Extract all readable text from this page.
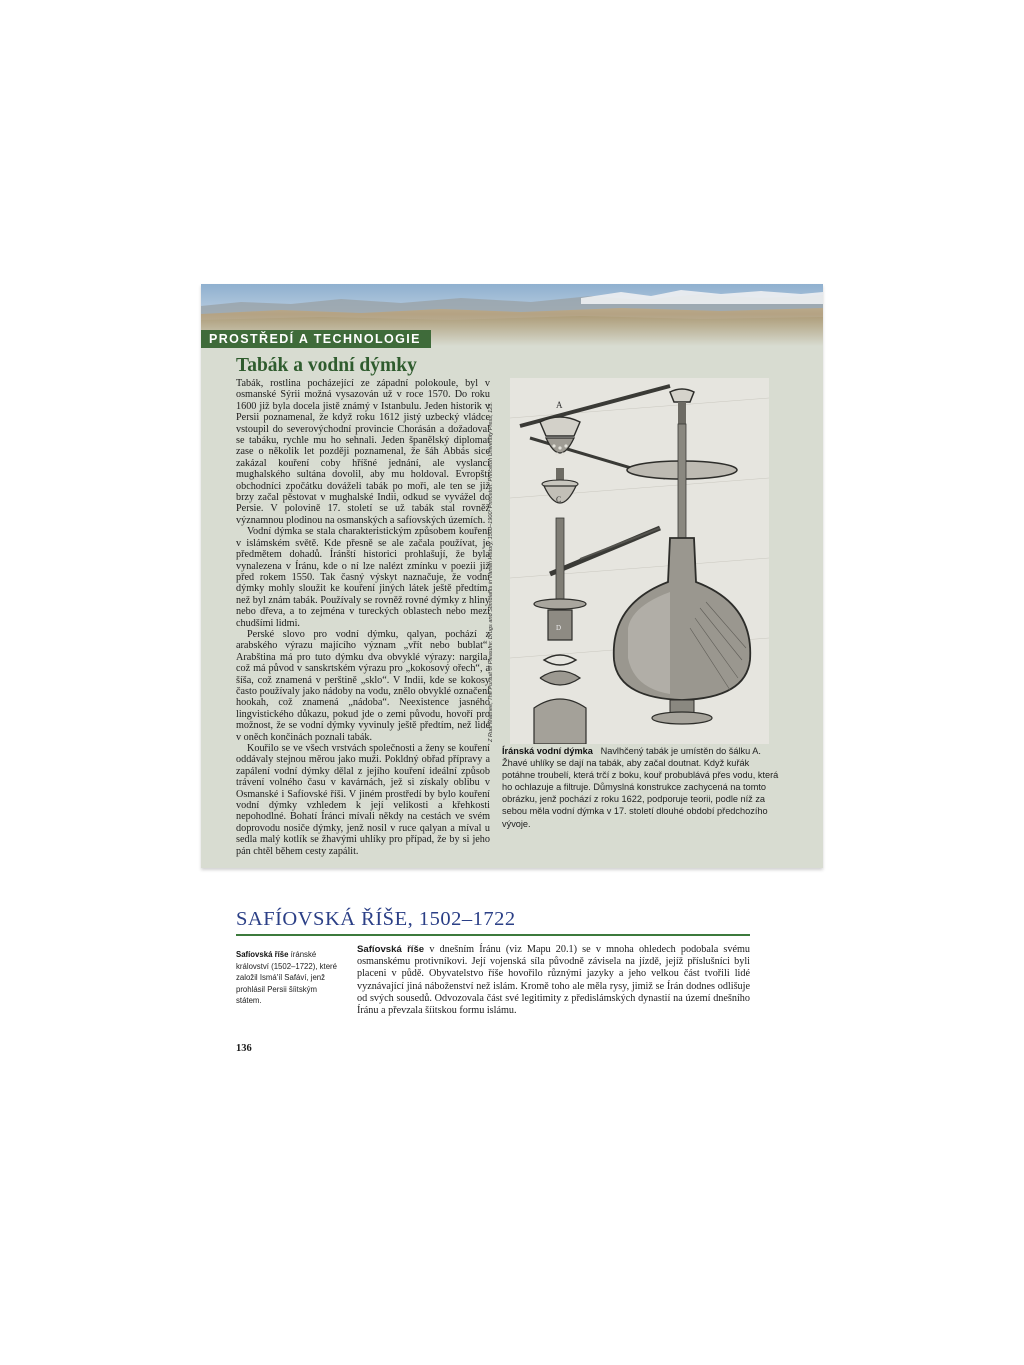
PROSTŘEDÍ A TECHNOLOGIE
Tabák a vodní dýmky

Tabák, rostlina pocházející ze západní polokoule, byl v osmanské Sýrii možná vysazován už v roce 1570. Do roku 1600 již byla docela jistě známý v Istanbulu. Jeden historik v Persii poznamenal, že když roku 1612 jistý uzbecký vládce vstoupil do severovýchodní provincie Chorásán a dožadoval se tabáku, rychle mu ho sehnali. Jeden španělský diplomat zase o několik let později poznamenal, že šáh Abbás sice zakázal kouření coby hříšné jednání, ale vyslanci mughalského sultána dovolil, aby mu holdoval. Evropští obchodníci zpočátku dováželi tabák po moři, ale ten se již brzy začal pěstovat v mughalské Indii, odkud se vyvážel do Persie. V polovině 17. století se už tabák stal rovněž významnou plodinou na osmanských a safíovských územích.

Vodní dýmka se stala charakteristickým způsobem kouření v islámském světě. Kde přesně se ale začala používat, je předmětem dohadů. Íránští historici prohlašují, že byla vynalezena v Íránu, kde o ní lze nalézt zmínku v poezii již před rokem 1550. Tak časný výskyt naznačuje, že vodní dýmky mohly sloužit ke kouření jiných látek ještě předtím, než byl znám tabák. Používaly se rovněž rovné dýmky z hliny nebo dřeva, a to zejména v tureckých oblastech nebo mezi chudšími lidmi.

Perské slovo pro vodní dýmku, qalyan, pochází z arabského výrazu majícího význam „vřít nebo bublat“. Arabština má pro tuto dýmku dva obvyklé výrazy: nargila, což má původ v sanskrtském výrazu pro „kokosový ořech“, a šíša, což znamená v perštině „sklo“. V Indii, kde se kokosy často používaly jako nádoby na vodu, znělo obvyklé označení hookah, což znamená „nádoba“. Neexistence jasného lingvistického důkazu, pokud jde o zemi původu, hovoří pro možnost, že se vodní dýmky vyvinuly ještě předtím, než lidé v oněch končinách poznali tabák.

Kouřilo se ve všech vrstvách společnosti a ženy se kouření oddávaly stejnou měrou jako muži. Pokldný obřad přípravy a zapálení vodní dýmky dělal z jejího kouření ideální způsob trávení volného času v kavárnách, jež si získaly oblibu v Osmanské i Safíovské říši. V jiném prostředí by bylo kouření vodní dýmky vzhledem k její velikosti a křehkosti nepohodlné. Bohatí Íránci mívali někdy na cestách ve svém doprovodu nosiče dýmky, jenž nosil v ruce qalyan a míval u sedla malý kotlík se žhavými uhlíky pro případ, že by si jeho pán chtěl během cesty zapálit.

Z Rudi Matthee, The Pursuit of Pleasure: Drugs and Stimulants in Iranian History, 1500–1900. Princeton: Princeton University Press, 125.	A
C
D
Íránská vodní dýmka Navlhčený tabák je umístěn do šálku A. Žhavé uhlíky se dají na tabák, aby začal doutnat. Když kuřák potáhne troubelí, která trčí z boku, kouř probublává přes vodu, která ho ochlazuje a filtruje. Důmyslná konstrukce zachycená na tomto obrázku, jenž pochází z roku 1622, podporuje teorii, podle níž za sebou měla vodní dýmka v 17. století dlouhé období předchozího vývoje.
SAFÍOVSKÁ ŘÍŠE, 1502–1722
Safíovská říše íránské království (1502–1722), které založil Ismá'íl Safáví, jenž prohlásil Persii šíitským státem.
Safíovská říše v dnešním Íránu (viz Mapu 20.1) se v mnoha ohledech podobala svému osmanskému protivníkovi. Její vojenská síla původně závisela na jízdě, jejíž příslušníci byli placeni v půdě. Obyvatelstvo říše hovořilo různými jazyky a jeho velkou část tvořili lidé vyznávající jiná náboženství než islám. Kromě toho ale měla rysy, jimiž se Írán dodnes odlišuje od svých sousedů. Odvozovala část své legitimity z předislámských dynastií na území dnešního Íránu a převzala šíitskou formu islámu.
136
